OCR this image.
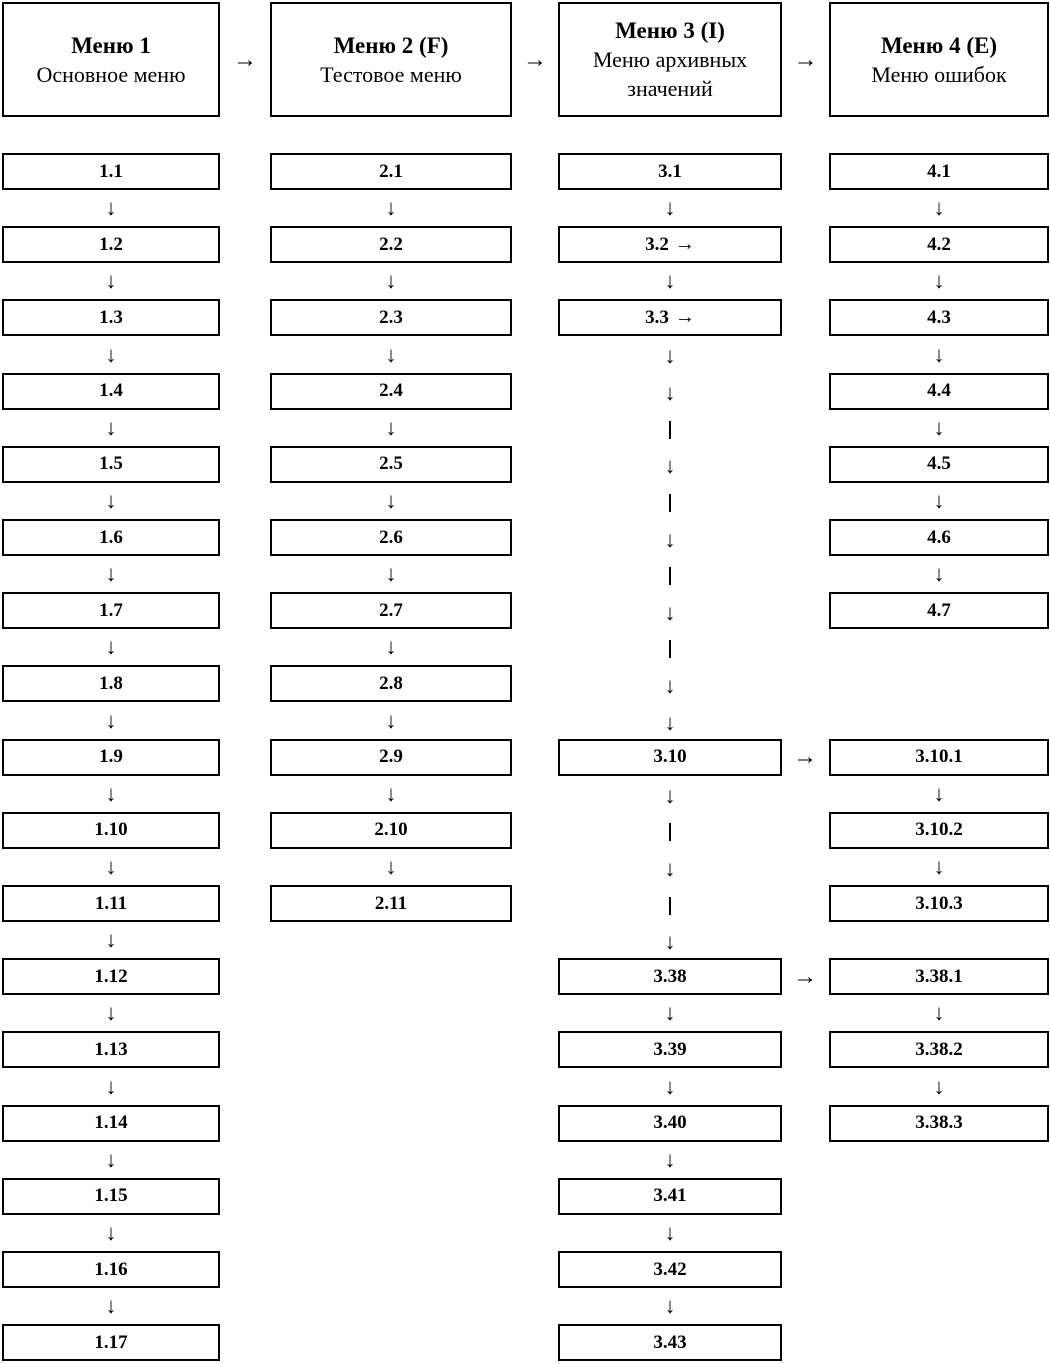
Меню 1
Основное меню
Меню 2 (F)
Тестовое меню
Меню 3 (I)
Меню архивных
значений
Меню 4 (E)
Меню ошибок
→	→	→
1.1
↓
1.2
↓
1.3
↓
1.4
↓
1.5
↓
1.6
↓
1.7
↓
1.8
↓
1.9
↓
1.10
↓
1.11
↓
1.12
↓
1.13
↓
1.14
↓
1.15
↓
1.16
↓
1.17
2.1
↓
2.2
↓
2.3
↓
2.4
↓
2.5
↓
2.6
↓
2.7
↓
2.8
↓
2.9
↓
2.10
↓
2.11
3.1
↓
3.2 →
↓
3.3 →
↓
↓
↓
↓
↓
↓
↓
3.10	→
↓
↓
↓
3.38
↓
3.39
↓
3.40
↓
3.41
↓
3.42
↓
3.43
→
4.1
↓
4.2
↓
4.3
↓
4.4
↓
4.5
↓
4.6
↓
4.7
3.10.1
↓
3.10.2
↓
3.10.3
3.38.1
↓
3.38.2
↓
3.38.3
